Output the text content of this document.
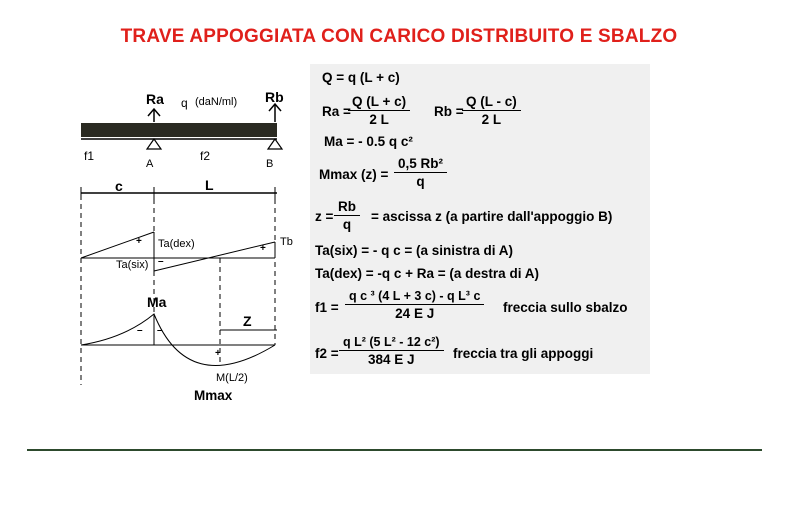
TRAVE APPOGGIATA CON CARICO DISTRIBUITO E SBALZO
Ra	Rb
q (daN/ml)
f1	f2
A	B
c	L
Ta(dex)
Ta(six)
Tb
+
–
+
Ma
Z
– –
+
M(L/2)
Mmax
Q = q (L + c)
$Ra = \frac{Q (L + c)}{2 L}$ $Rb = \frac{Q (L - c)}{2 L}$
Ma = - 0.5 q c²
Mmax $(z) = \frac{\text{0,5 Rb²}}{q}$
$z = \frac{Rb}{q}$ = ascissa z (a partire dall'appoggio B)
Ta(six) = - q c = (a sinistra di A)
Ta(dex) = -q c + Ra = (a destra di A)
$f1 = \frac{\text{q c ³ (4 L + 3 c) - q L³ c}}{\text{24 E J}}$ freccia sullo sbalzo
$f2 = \frac{\text{q L² (5 L² - 12 c²)}}{\text{384 E J}}$ freccia tra gli appoggi
